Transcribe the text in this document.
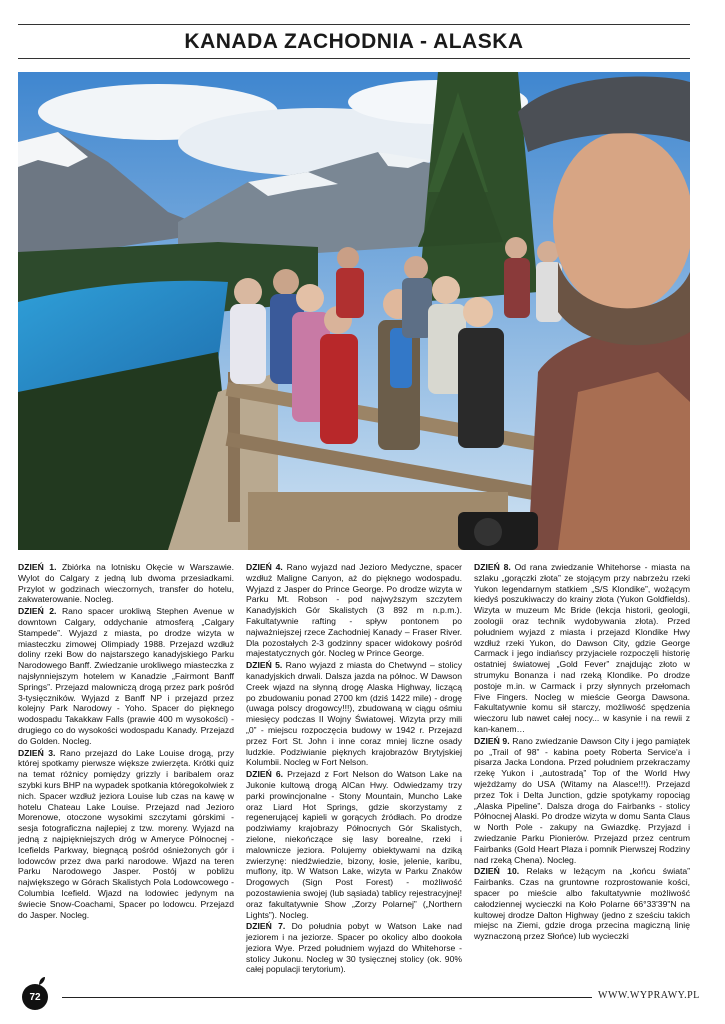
KANADA ZACHODNIA - ALASKA

DZIEŃ 1. Zbiórka na lotnisku Okęcie w Warszawie. Wylot do Calgary z jedną lub dwoma przesiadkami. Przylot w godzinach wieczornych, transfer do hotelu, zakwaterowanie. Nocleg.

DZIEŃ 2. Rano spacer urokliwą Stephen Avenue w downtown Calgary, oddychanie atmosferą „Calgary Stampede”. Wyjazd z miasta, po drodze wizyta w miasteczku zimowej Olimpiady 1988. Przejazd wzdłuż doliny rzeki Bow do najstarszego kanadyjskiego Parku Narodowego Banff. Zwiedzanie urokliwego miasteczka z najsłynniejszym hotelem w Kanadzie „Fairmont Banff Springs”. Przejazd malowniczą drogą przez park pośród 3-tysięczników. Wyjazd z Banff NP i przejazd przez kolejny Park Narodowy - Yoho. Spacer do pięknego wodospadu Takakkaw Falls (prawie 400 m wysokości) - drugiego co do wysokości wodospadu Kanady. Przejazd do Golden. Nocleg.

DZIEŃ 3. Rano przejazd do Lake Louise drogą, przy której spotkamy pierwsze większe zwierzęta. Krótki quiz na temat różnicy pomiędzy grizzly i baribalem oraz szybki kurs BHP na wypadek spotkania któregokolwiek z nich. Spacer wzdłuż jeziora Louise lub czas na kawę w hotelu Chateau Lake Louise. Przejazd nad Jezioro Morenowe, otoczone wysokimi szczytami górskimi - sesja fotograficzna najlepiej z tzw. morenу. Wyjazd na jedną z najpiękniejszych dróg w Ameryce Północnej - Icefields Parkway, biegnącą pośród ośnieżonych gór i lodowców przez dwa parki narodowe. Wjazd na teren Parku Narodowego Jasper. Postój w pobliżu największego w Górach Skalistych Pola Lodowcowego - Columbia Icefield. Wjazd na lodowiec jedynym na świecie Snow-Coachami, Spacer po lodowcu. Przejazd do Jasper. Nocleg.

DZIEŃ 4. Rano wyjazd nad Jezioro Medyczne, spacer wzdłuż Maligne Canyon, aż do pięknego wodospadu. Wyjazd z Jasper do Prince George. Po drodze wizyta w Parku Mt. Robson - pod najwyższym szczytem Kanadyjskich Gór Skalistych (3 892 m n.p.m.). Fakultatywnie rafting - spływ pontonem po najważniejszej rzece Zachodniej Kanady – Fraser River. Dla pozostałych 2-3 godzinny spacer widokowy pośród majestatycznych gór. Nocleg w Prince George.

DZIEŃ 5. Rano wyjazd z miasta do Chetwynd – stolicy kanadyjskich drwali. Dalsza jazda na północ. W Dawson Creek wjazd na słynną drogę Alaska Highway, liczącą po zbudowaniu ponad 2700 km (dziś 1422 mile) - drogę (uwaga polscy drogowcy!!!), zbudowaną w ciągu ośmiu miesięcy podczas II Wojny Światowej. Wizyta przy mili „0” - miejscu rozpoczęcia budowy w 1942 r. Przejazd przez Fort St. John i inne coraz mniej liczne osady ludzkie. Podziwianie pięknych krajobrazów Brytyjskiej Kolumbii. Nocleg w Fort Nelson.

DZIEŃ 6. Przejazd z Fort Nelson do Watson Lake na Jukonie kultową drogą AlCan Hwy. Odwiedzamy trzy parki prowincjonalne - Stony Mountain, Muncho Lake oraz Liard Hot Springs, gdzie skorzystamy z regenerującej kąpieli w gorących źródłach. Po drodze podziwiamy krajobrazy Północnych Gór Skalistych, zielone, niekończące się lasy borealne, rzeki i malownicze jeziora. Polujemy obiektywami na dziką zwierzynę: niedźwiedzie, bizony, łosie, jelenie, karibu, muflony, itp. W Watson Lake, wizyta w Parku Znaków Drogowych (Sign Post Forest) - możliwość pozostawienia swojej (lub sąsiada) tablicy rejestracyjnej! oraz fakultatywnie Show „Zorzy Polarnej” („Northern Lights”). Nocleg.

DZIEŃ 7. Do południa pobyt w Watson Lake nad jeziorem i na jeziorze. Spacer po okolicy albo dookoła jeziora Wye. Przed południem wyjazd do Whitehorse - stolicy Jukonu. Nocleg w 30 tysięcznej stolicy (ok. 90% całej populacji terytorium).

DZIEŃ 8. Od rana zwiedzanie Whitehorse - miasta na szlaku „gorączki złota” ze stojącym przy nabrzeżu rzeki Yukon legendarnym statkiem „S/S Klondike”, wożącym kiedyś poszukiwaczy do krainy złota (Yukon Goldfields). Wizyta w muzeum Mc Bride (lekcja historii, geologii, zoologii oraz technik wydobywania złota). Przed południem wyjazd z miasta i przejazd Klondike Hwy wzdłuż rzeki Yukon, do Dawson City, gdzie George Carmack i jego indiańscy przyjaciele rozpoczęli historię ostatniej światowej „Gold Fever” znajdując złoto w strumyku Bonanza i nad rzeką Klondike. Po drodze postoje m.in. w Carmack i przy słynnych przełomach Five Fingers. Nocleg w mieście Georga Dawsona. Fakultatywnie komu sił starczy, możliwość spędzenia wieczoru lub nawet całej nocy... w kasynie i na rewii z kan-kanem…

DZIEŃ 9. Rano zwiedzanie Dawson City i jego pamiątek po „Trail of 98” - kabina poety Roberta Service'a i pisarza Jacka Londona. Przed południem przekraczamy rzekę Yukon i „autostradą” Top of the World Hwy wjeżdżamy do USA (Witamy na Alasce!!!). Przejazd przez Tok i Delta Junction, gdzie spotykamy ropociąg „Alaska Pipeline”. Dalsza droga do Fairbanks - stolicy Północnej Alaski. Po drodze wizyta w domu Santa Claus w North Pole - zakupy na Gwiazdkę. Przyjazd i zwiedzanie Parku Pionierów. Przejazd przez centrum Fairbanks (Gold Heart Plaza i pomnik Pierwszej Rodziny nad rzeką Chena). Nocleg.

DZIEŃ 10. Relaks w leżącym na „końcu świata” Fairbanks. Czas na gruntowne rozprostowanie kości, spacer po mieście albo fakultatywnie możliwość całodziennej wycieczki na Koło Polarne 66°33'39"N na kultowej drodze Dalton Highway (jedno z sześciu takich miejsc na Ziemi, gdzie droga przecina magiczną linię wyznaczoną przez Słońce) lub wycieczki

72	WWW.WYPRAWY.PL
